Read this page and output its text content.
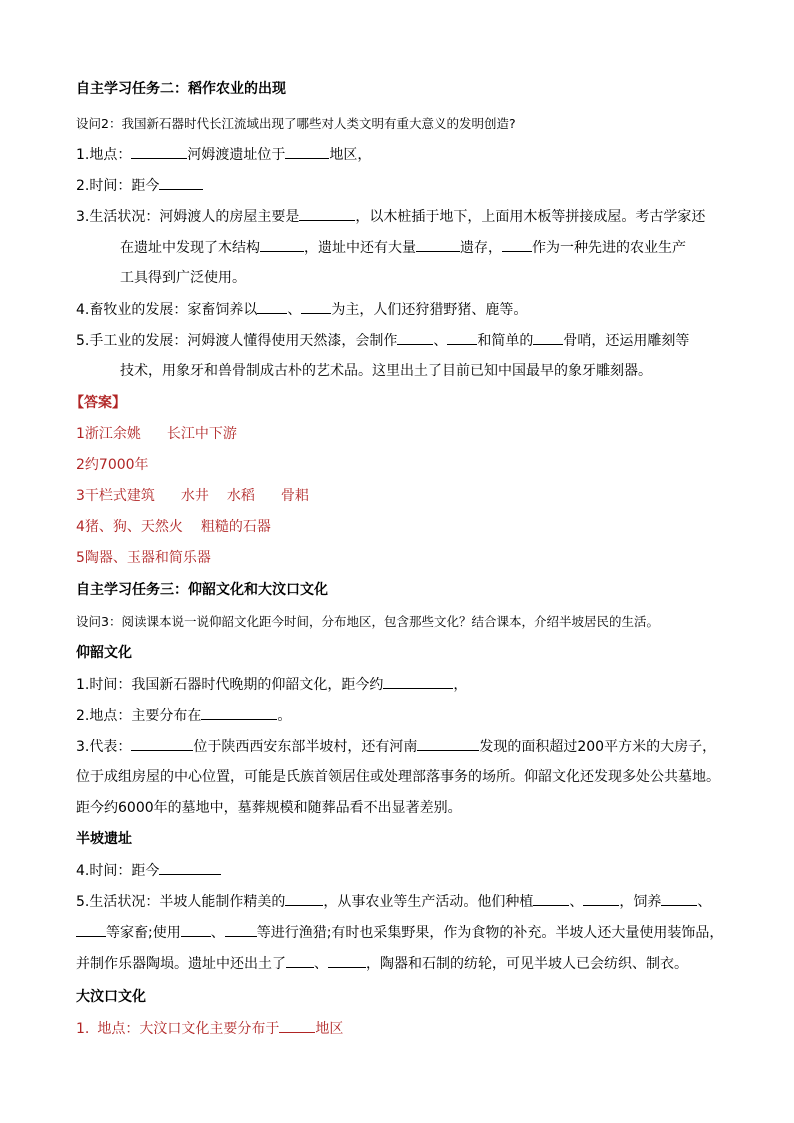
自主学习任务二：稻作农业的出现
设问2：我国新石器时代长江流域出现了哪些对人类文明有重大意义的发明创造?
1.地点：	河姆渡遗址位于	地区，
2.时间：距今
3.生活状况：河姆渡人的房屋主要是	，以木桩插于地下，上面用木板等拼接成屋。考古学家还
在遗址中发现了木结构	，遗址中还有大量	遗存， 作为一种先进的农业生产
工具得到广泛使用。
4.畜牧业的发展：家畜饲养以 、 为主，人们还狩猎野猪、鹿等。
5.手工业的发展：河姆渡人懂得使用天然漆，会制作	、 和简单的 骨哨，还运用雕刻等
技术，用象牙和兽骨制成古朴的艺术品。这里出土了目前已知中国最早的象牙雕刻器。
【答案】
1浙江余姚 长江中下游
2约7000年
3干栏式建筑 水井 水稻 骨耜
4猪、狗、天然火 粗糙的石器
5陶器、玉器和简乐器
自主学习任务三：仰韶文化和大汶口文化
设问3：阅读课本说一说仰韶文化距今时间，分布地区，包含那些文化？结合课本，介绍半坡居民的生活。
仰韶文化
1.时间：我国新石器时代晚期的仰韶文化，距今约	，
2.地点：主要分布在	。
3.代表：	位于陕西西安东部半坡村，还有河南	发现的面积超过200平方米的大房子，
位于成组房屋的中心位置，可能是氏族首领居住或处理部落事务的场所。仰韶文化还发现多处公共墓地。
距今约6000年的墓地中，墓葬规模和随葬品看不出显著差别。
半坡遗址
4.时间：距今
5.生活状况：半坡人能制作精美的	，从事农业等生产活动。他们种植	、	，饲养	、
等家畜;使用 、 等进行渔猎;有时也采集野果，作为食物的补充。半坡人还大量使用装饰品，
并制作乐器陶埙。遗址中还出土了 、	，陶器和石制的纺轮，可见半坡人已会纺织、制衣。
大汶口文化
1. 地点：大汶口文化主要分布于	地区
